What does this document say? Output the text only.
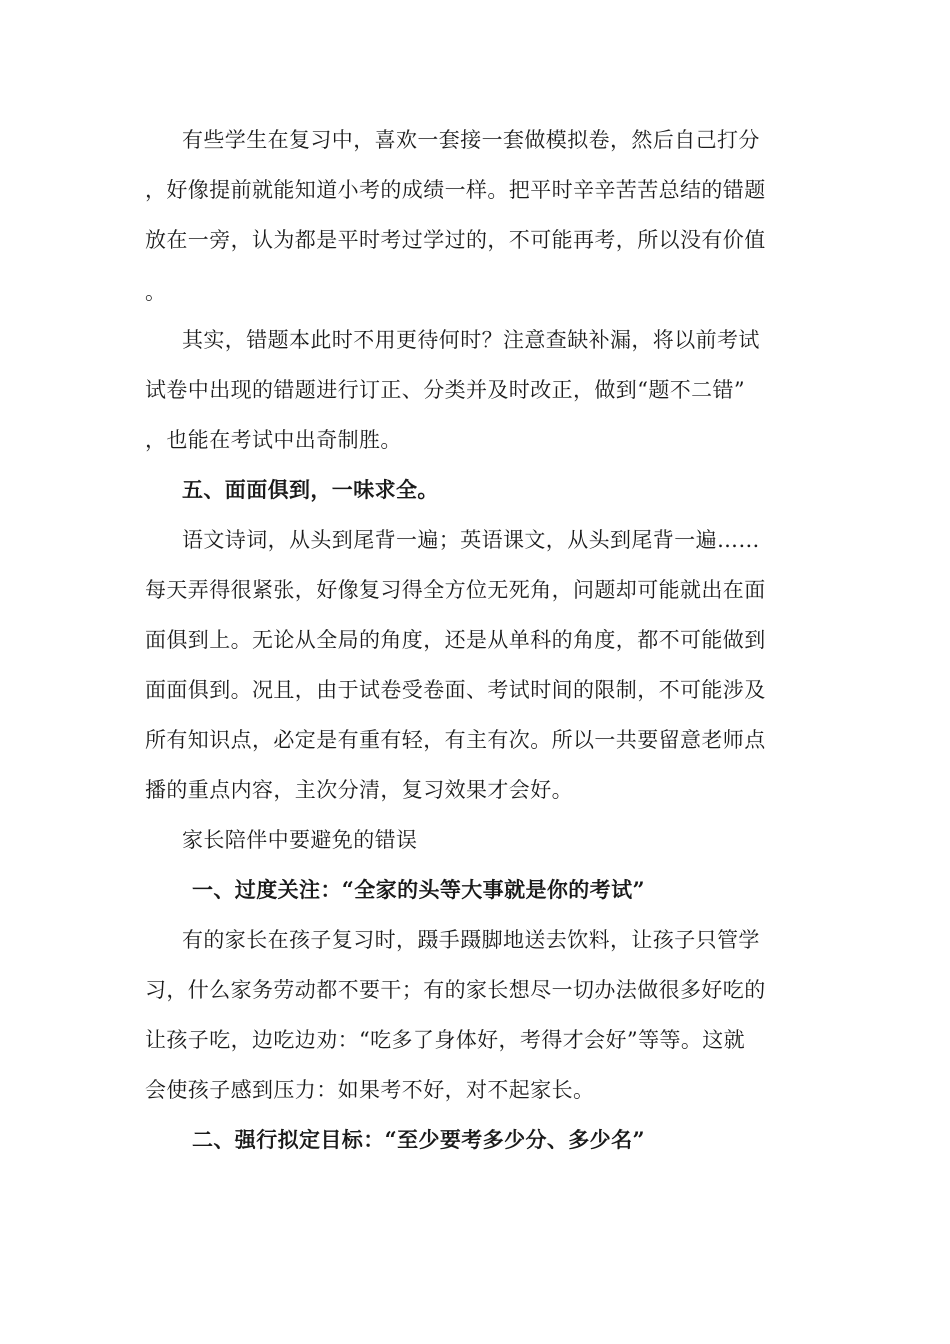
有些学生在复习中，喜欢一套接一套做模拟卷，然后自己打分
，好像提前就能知道小考的成绩一样。把平时辛辛苦苦总结的错题
放在一旁，认为都是平时考过学过的，不可能再考，所以没有价值
。
其实，错题本此时不用更待何时？注意查缺补漏，将以前考试
试卷中出现的错题进行订正、分类并及时改正，做到“题不二错”
，也能在考试中出奇制胜。
五、面面俱到，一味求全。
语文诗词，从头到尾背一遍；英语课文，从头到尾背一遍……
每天弄得很紧张，好像复习得全方位无死角，问题却可能就出在面
面俱到上。无论从全局的角度，还是从单科的角度，都不可能做到
面面俱到。况且，由于试卷受卷面、考试时间的限制，不可能涉及
所有知识点，必定是有重有轻，有主有次。所以一共要留意老师点
播的重点内容，主次分清，复习效果才会好。
家长陪伴中要避免的错误
一、过度关注：“全家的头等大事就是你的考试”
有的家长在孩子复习时，蹑手蹑脚地送去饮料，让孩子只管学
习，什么家务劳动都不要干；有的家长想尽一切办法做很多好吃的
让孩子吃，边吃边劝：“吃多了身体好，考得才会好”等等。这就
会使孩子感到压力：如果考不好，对不起家长。
二、强行拟定目标：“至少要考多少分、多少名”
